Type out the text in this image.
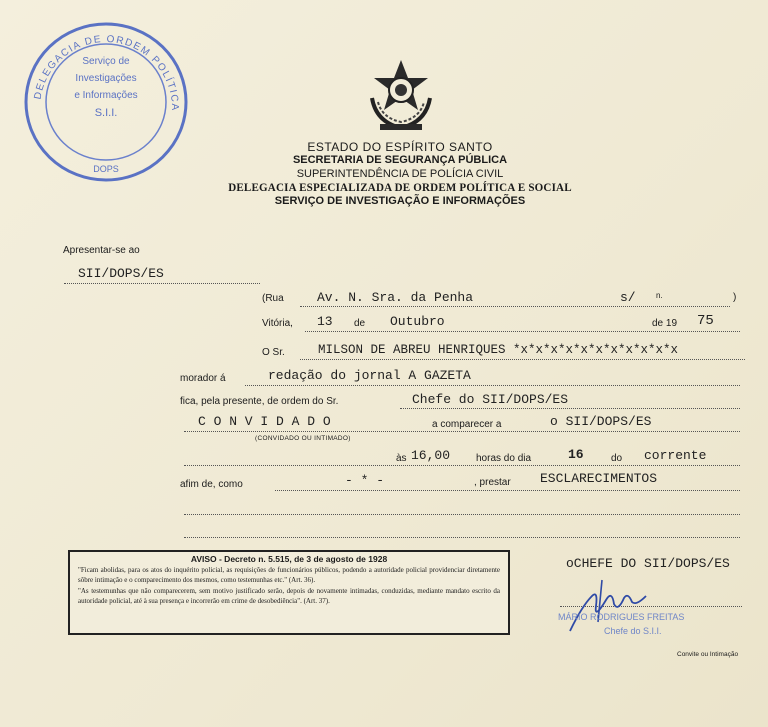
DELEGACIA DE ORDEM POLÍTICA
Serviço de
Investigações
e Informações
S.I.I.
DOPS
ESTADO DO ESPÍRITO SANTO
SECRETARIA DE SEGURANÇA PÚBLICA
SUPERINTENDÊNCIA DE POLÍCIA CIVIL
DELEGACIA ESPECIALIZADA DE ORDEM POLÍTICA E SOCIAL
SERVIÇO DE INVESTIGAÇÃO E INFORMAÇÕES
Apresentar-se ao
SII/DOPS/ES
(Rua	Av. N. Sra. da Penha	s/	n.	)
Vitória, 13 de Outubro	de 19 75
O Sr.	MILSON DE ABREU HENRIQUES *x*x*x*x*x*x*x*x*x*x*x
morador á	redação do jornal A GAZETA
fica, pela presente, de ordem do Sr.	Chefe do SII/DOPS/ES
C O N V I D A D O	a comparecer a	o SII/DOPS/ES
(CONVIDADO OU INTIMADO)
às 16,00	horas do dia	16	do corrente
afim de, como	- * -	, prestar ESCLARECIMENTOS
AVISO - Decreto n. 5.515, de 3 de agosto de 1928
"Ficam abolidas, para os atos do inquérito policial, as requisições de funcionários públicos, podendo a autoridade policial providenciar diretamente sôbre intimação e o comparecimento dos mesmos, como testemunhas etc." (Art. 36).
"As testemunhas que não comparecerem, sem motivo justificado serão, depois de novamente intimadas, conduzidas, mediante mandato escrito da autoridade policial, até à sua presença e incorrerão em crime de desobediência". (Art. 37).
oCHEFE DO SII/DOPS/ES
MÁRIO RODRIGUES FREITAS
Chefe do S.I.I.
Convite ou Intimação
